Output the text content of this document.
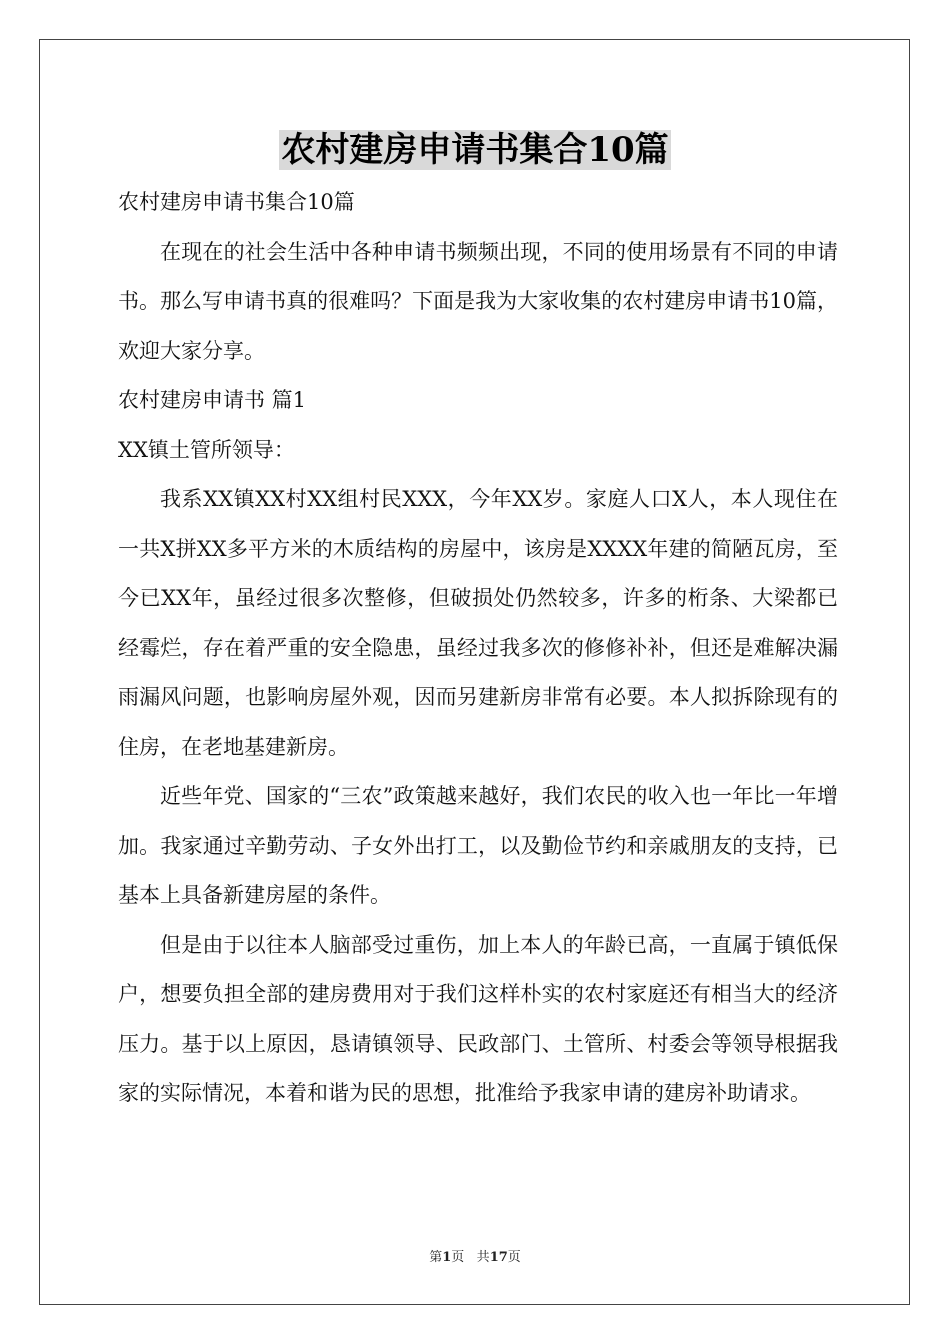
农村建房申请书集合10篇

农村建房申请书集合10篇

在现在的社会生活中各种申请书频频出现，不同的使用场景有不同的申请书。那么写申请书真的很难吗？下面是我为大家收集的农村建房申请书10篇，欢迎大家分享。

农村建房申请书 篇1

XX镇土管所领导：

我系XX镇XX村XX组村民XXX，今年XX岁。家庭人口X人，本人现住在一共X拼XX多平方米的木质结构的房屋中，该房是XXXX年建的简陋瓦房，至今已XX年，虽经过很多次整修，但破损处仍然较多，许多的桁条、大梁都已经霉烂，存在着严重的安全隐患，虽经过我多次的修修补补，但还是难解决漏雨漏风问题，也影响房屋外观，因而另建新房非常有必要。本人拟拆除现有的住房，在老地基建新房。

近些年党、国家的“三农”政策越来越好，我们农民的收入也一年比一年增加。我家通过辛勤劳动、子女外出打工，以及勤俭节约和亲戚朋友的支持，已基本上具备新建房屋的条件。

但是由于以往本人脑部受过重伤，加上本人的年龄已高，一直属于镇低保户，想要负担全部的建房费用对于我们这样朴实的农村家庭还有相当大的经济压力。基于以上原因，恳请镇领导、民政部门、土管所、村委会等领导根据我家的实际情况，本着和谐为民的思想，批准给予我家申请的建房补助请求。

第1页 共17页
